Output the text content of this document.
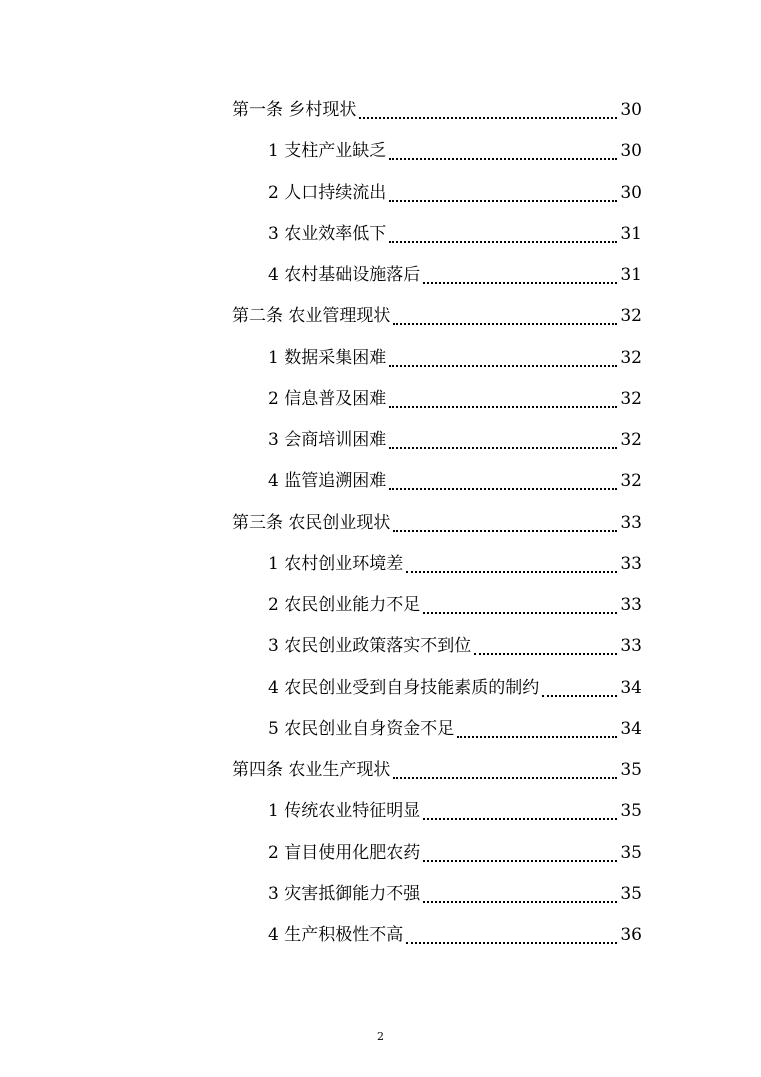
第一条 乡村现状	30
1 支柱产业缺乏	30
2 人口持续流出	30
3 农业效率低下	31
4 农村基础设施落后	31
第二条 农业管理现状	32
1 数据采集困难	32
2 信息普及困难	32
3 会商培训困难	32
4 监管追溯困难	32
第三条 农民创业现状	33
1 农村创业环境差	33
2 农民创业能力不足	33
3 农民创业政策落实不到位	33
4 农民创业受到自身技能素质的制约	34
5 农民创业自身资金不足	34
第四条 农业生产现状	35
1 传统农业特征明显	35
2 盲目使用化肥农药	35
3 灾害抵御能力不强	35
4 生产积极性不高	36
2
